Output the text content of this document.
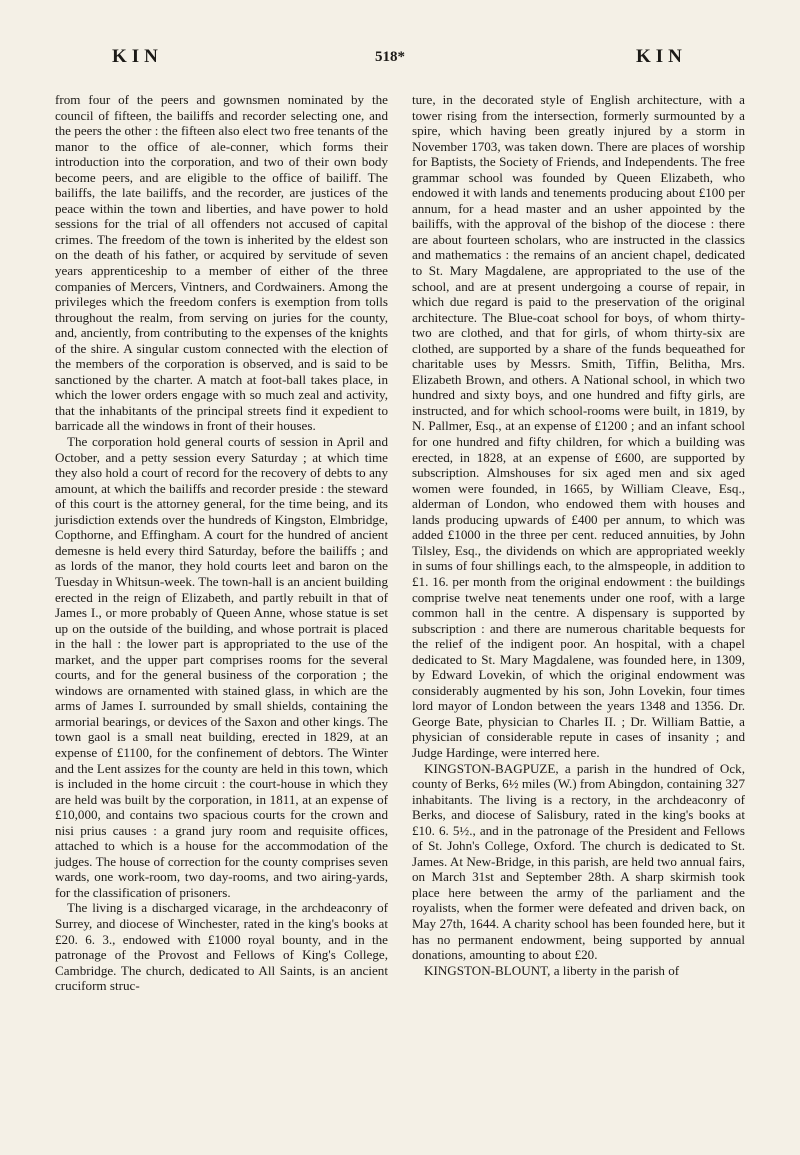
KIN	518*	KIN

from four of the peers and gownsmen nominated by the council of fifteen, the bailiffs and recorder selecting one, and the peers the other : the fifteen also elect two free tenants of the manor to the office of ale-conner, which forms their introduction into the corporation, and two of their own body become peers, and are eligible to the office of bailiff. The bailiffs, the late bailiffs, and the recorder, are justices of the peace within the town and liberties, and have power to hold sessions for the trial of all offenders not accused of capital crimes. The freedom of the town is inherited by the eldest son on the death of his father, or acquired by servitude of seven years apprenticeship to a member of either of the three companies of Mercers, Vintners, and Cordwainers. Among the privileges which the freedom confers is exemption from tolls throughout the realm, from serving on juries for the county, and, anciently, from contributing to the expenses of the knights of the shire. A singular custom connected with the election of the members of the corporation is observed, and is said to be sanctioned by the charter. A match at foot-ball takes place, in which the lower orders engage with so much zeal and activity, that the inhabitants of the principal streets find it expedient to barricade all the windows in front of their houses.

The corporation hold general courts of session in April and October, and a petty session every Saturday ; at which time they also hold a court of record for the recovery of debts to any amount, at which the bailiffs and recorder preside : the steward of this court is the attorney general, for the time being, and its jurisdiction extends over the hundreds of Kingston, Elmbridge, Copthorne, and Effingham. A court for the hundred of ancient demesne is held every third Saturday, before the bailiffs ; and as lords of the manor, they hold courts leet and baron on the Tuesday in Whitsun-week. The town-hall is an ancient building erected in the reign of Elizabeth, and partly rebuilt in that of James I., or more probably of Queen Anne, whose statue is set up on the outside of the building, and whose portrait is placed in the hall : the lower part is appropriated to the use of the market, and the upper part comprises rooms for the several courts, and for the general business of the corporation ; the windows are ornamented with stained glass, in which are the arms of James I. surrounded by small shields, containing the armorial bearings, or devices of the Saxon and other kings. The town gaol is a small neat building, erected in 1829, at an expense of £1100, for the confinement of debtors. The Winter and the Lent assizes for the county are held in this town, which is included in the home circuit : the court-house in which they are held was built by the corporation, in 1811, at an expense of £10,000, and contains two spacious courts for the crown and nisi prius causes : a grand jury room and requisite offices, attached to which is a house for the accommodation of the judges. The house of correction for the county comprises seven wards, one work-room, two day-rooms, and two airing-yards, for the classification of prisoners.

The living is a discharged vicarage, in the archdeaconry of Surrey, and diocese of Winchester, rated in the king's books at £20. 6. 3., endowed with £1000 royal bounty, and in the patronage of the Provost and Fellows of King's College, Cambridge. The church, dedicated to All Saints, is an ancient cruciform struc-

ture, in the decorated style of English architecture, with a tower rising from the intersection, formerly surmounted by a spire, which having been greatly injured by a storm in November 1703, was taken down. There are places of worship for Baptists, the Society of Friends, and Independents. The free grammar school was founded by Queen Elizabeth, who endowed it with lands and tenements producing about £100 per annum, for a head master and an usher appointed by the bailiffs, with the approval of the bishop of the diocese : there are about fourteen scholars, who are instructed in the classics and mathematics : the remains of an ancient chapel, dedicated to St. Mary Magdalene, are appropriated to the use of the school, and are at present undergoing a course of repair, in which due regard is paid to the preservation of the original architecture. The Blue-coat school for boys, of whom thirty-two are clothed, and that for girls, of whom thirty-six are clothed, are supported by a share of the funds bequeathed for charitable uses by Messrs. Smith, Tiffin, Belitha, Mrs. Elizabeth Brown, and others. A National school, in which two hundred and sixty boys, and one hundred and fifty girls, are instructed, and for which school-rooms were built, in 1819, by N. Pallmer, Esq., at an expense of £1200 ; and an infant school for one hundred and fifty children, for which a building was erected, in 1828, at an expense of £600, are supported by subscription. Almshouses for six aged men and six aged women were founded, in 1665, by William Cleave, Esq., alderman of London, who endowed them with houses and lands producing upwards of £400 per annum, to which was added £1000 in the three per cent. reduced annuities, by John Tilsley, Esq., the dividends on which are appropriated weekly in sums of four shillings each, to the almspeople, in addition to £1. 16. per month from the original endowment : the buildings comprise twelve neat tenements under one roof, with a large common hall in the centre. A dispensary is supported by subscription : and there are numerous charitable bequests for the relief of the indigent poor. An hospital, with a chapel dedicated to St. Mary Magdalene, was founded here, in 1309, by Edward Lovekin, of which the original endowment was considerably augmented by his son, John Lovekin, four times lord mayor of London between the years 1348 and 1356. Dr. George Bate, physician to Charles II. ; Dr. William Battie, a physician of considerable repute in cases of insanity ; and Judge Hardinge, were interred here.

KINGSTON-BAGPUZE, a parish in the hundred of Ock, county of Berks, 6½ miles (W.) from Abingdon, containing 327 inhabitants. The living is a rectory, in the archdeaconry of Berks, and diocese of Salisbury, rated in the king's books at £10. 6. 5½., and in the patronage of the President and Fellows of St. John's College, Oxford. The church is dedicated to St. James. At New-Bridge, in this parish, are held two annual fairs, on March 31st and September 28th. A sharp skirmish took place here between the army of the parliament and the royalists, when the former were defeated and driven back, on May 27th, 1644. A charity school has been founded here, but it has no permanent endowment, being supported by annual donations, amounting to about £20.

KINGSTON-BLOUNT, a liberty in the parish of
